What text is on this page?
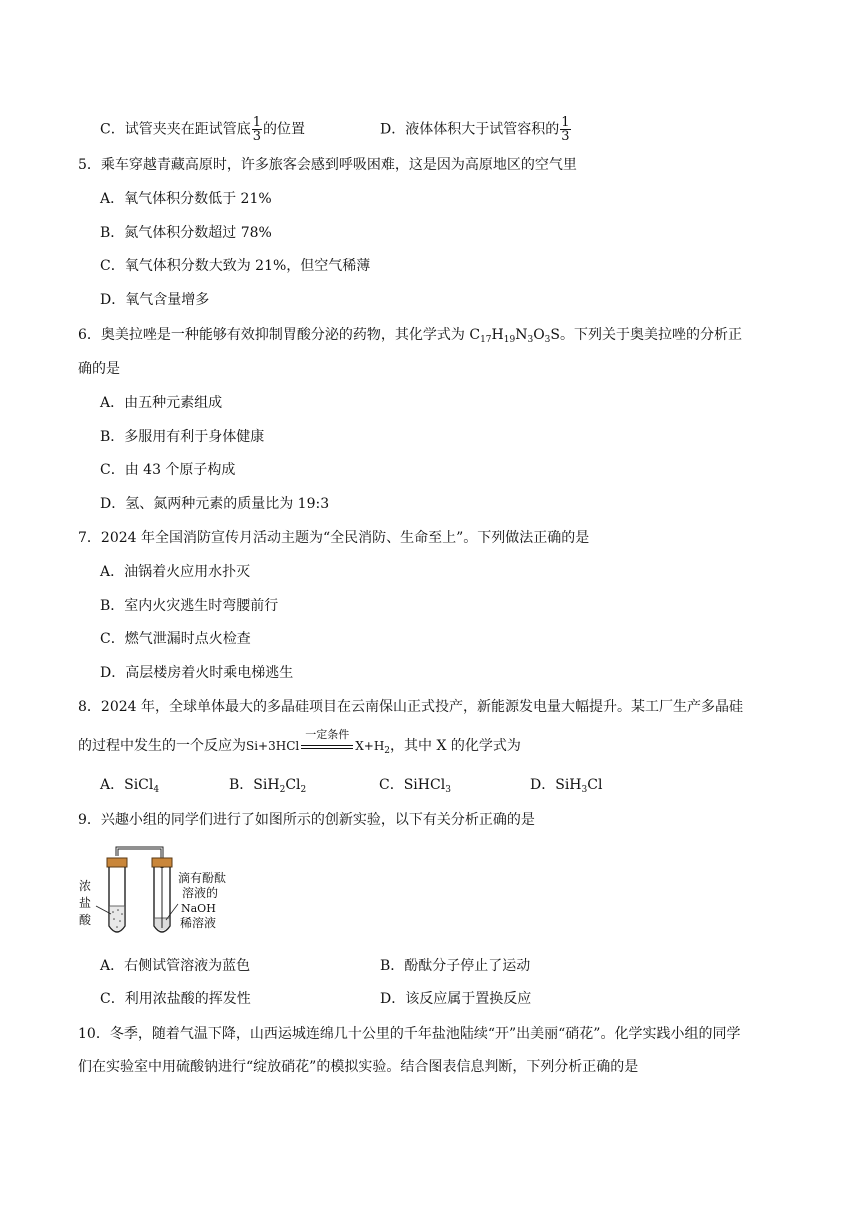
C．试管夹夹在距试管底 $\frac{1}{3}$ 的位置	D．液体体积大于试管容积的 $\frac{1}{3}$
5．乘车穿越青藏高原时，许多旅客会感到呼吸困难，这是因为高原地区的空气里
A．氧气体积分数低于 21%
B．氮气体积分数超过 78%
C．氧气体积分数大致为 21%，但空气稀薄
D．氧气含量增多
6．奥美拉唑是一种能够有效抑制胃酸分泌的药物，其化学式为 $C_{17}H_{19}N_3O_3S$。下列关于奥美拉唑的分析正
确的是
A．由五种元素组成
B．多服用有利于身体健康
C．由 43 个原子构成
D．氢、氮两种元素的质量比为 19:3
7．2024 年全国消防宣传月活动主题为“全民消防、生命至上”。下列做法正确的是
A．油锅着火应用水扑灭
B．室内火灾逃生时弯腰前行
C．燃气泄漏时点火检查
D．高层楼房着火时乘电梯逃生
8．2024 年，全球单体最大的多晶硅项目在云南保山正式投产，新能源发电量大幅提升。某工厂生产多晶硅
的过程中发生的一个反应为Si+3HCl
一定条件
$X+H_2$，其中 X 的化学式为
A．SiCl$_4$	B．$SiH_2Cl_2$	C．SiHCl$_3$	D．SiH$_3$Cl
9．兴趣小组的同学们进行了如图所示的创新实验，以下有关分析正确的是
浓
盐
酸
滴有酚酞
溶液的
NaOH
稀溶液
A．右侧试管溶液为蓝色	B．酚酞分子停止了运动
C．利用浓盐酸的挥发性	D．该反应属于置换反应
10．冬季，随着气温下降，山西运城连绵几十公里的千年盐池陆续“开”出美丽“硝花”。化学实践小组的同学
们在实验室中用硫酸钠进行“绽放硝花”的模拟实验。结合图表信息判断，下列分析正确的是
